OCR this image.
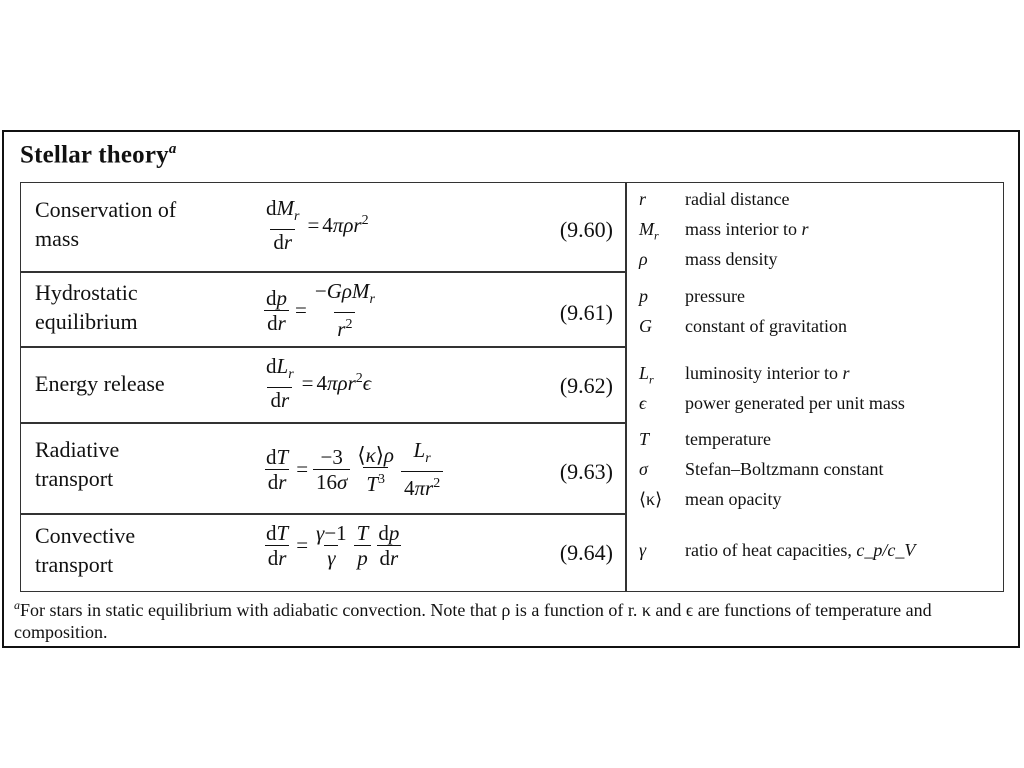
Stellar theory$^a$
Conservation of
mass	$\frac{dM_r}{dr} = 4\pi\rho r^2$	(9.60)
Hydrostatic
equilibrium	$\frac{dp}{dr} = \frac{-G\rho M_r}{r^2}$	(9.61)
Energy release	$\frac{dL_r}{dr} = 4\pi\rho r^2\epsilon$	(9.62)
Radiative
transport	$\frac{dT}{dr} = \frac{-3}{16\sigma} \frac{⟨\kappa⟩\rho}{T^3} \frac{L_r}{4\pi r^2}$	(9.63)
Convective
transport	$\frac{dT}{dr} = \frac{\gamma-1}{\gamma} \frac{T}{p} \frac{dp}{dr}$	(9.64)
r radial distance
$M_r$ mass interior to r
ρ mass density
p pressure
G constant of gravitation
$L_r$ luminosity interior to r
ϵ power generated per unit mass
T temperature
σ Stefan–Boltzmann constant
⟨κ⟩ mean opacity
γ ratio of heat capacities, c_p/c_V
$^a$For stars in static equilibrium with adiabatic convection. Note that ρ is a function of r. κ and ϵ are functions of temperature and composition.
